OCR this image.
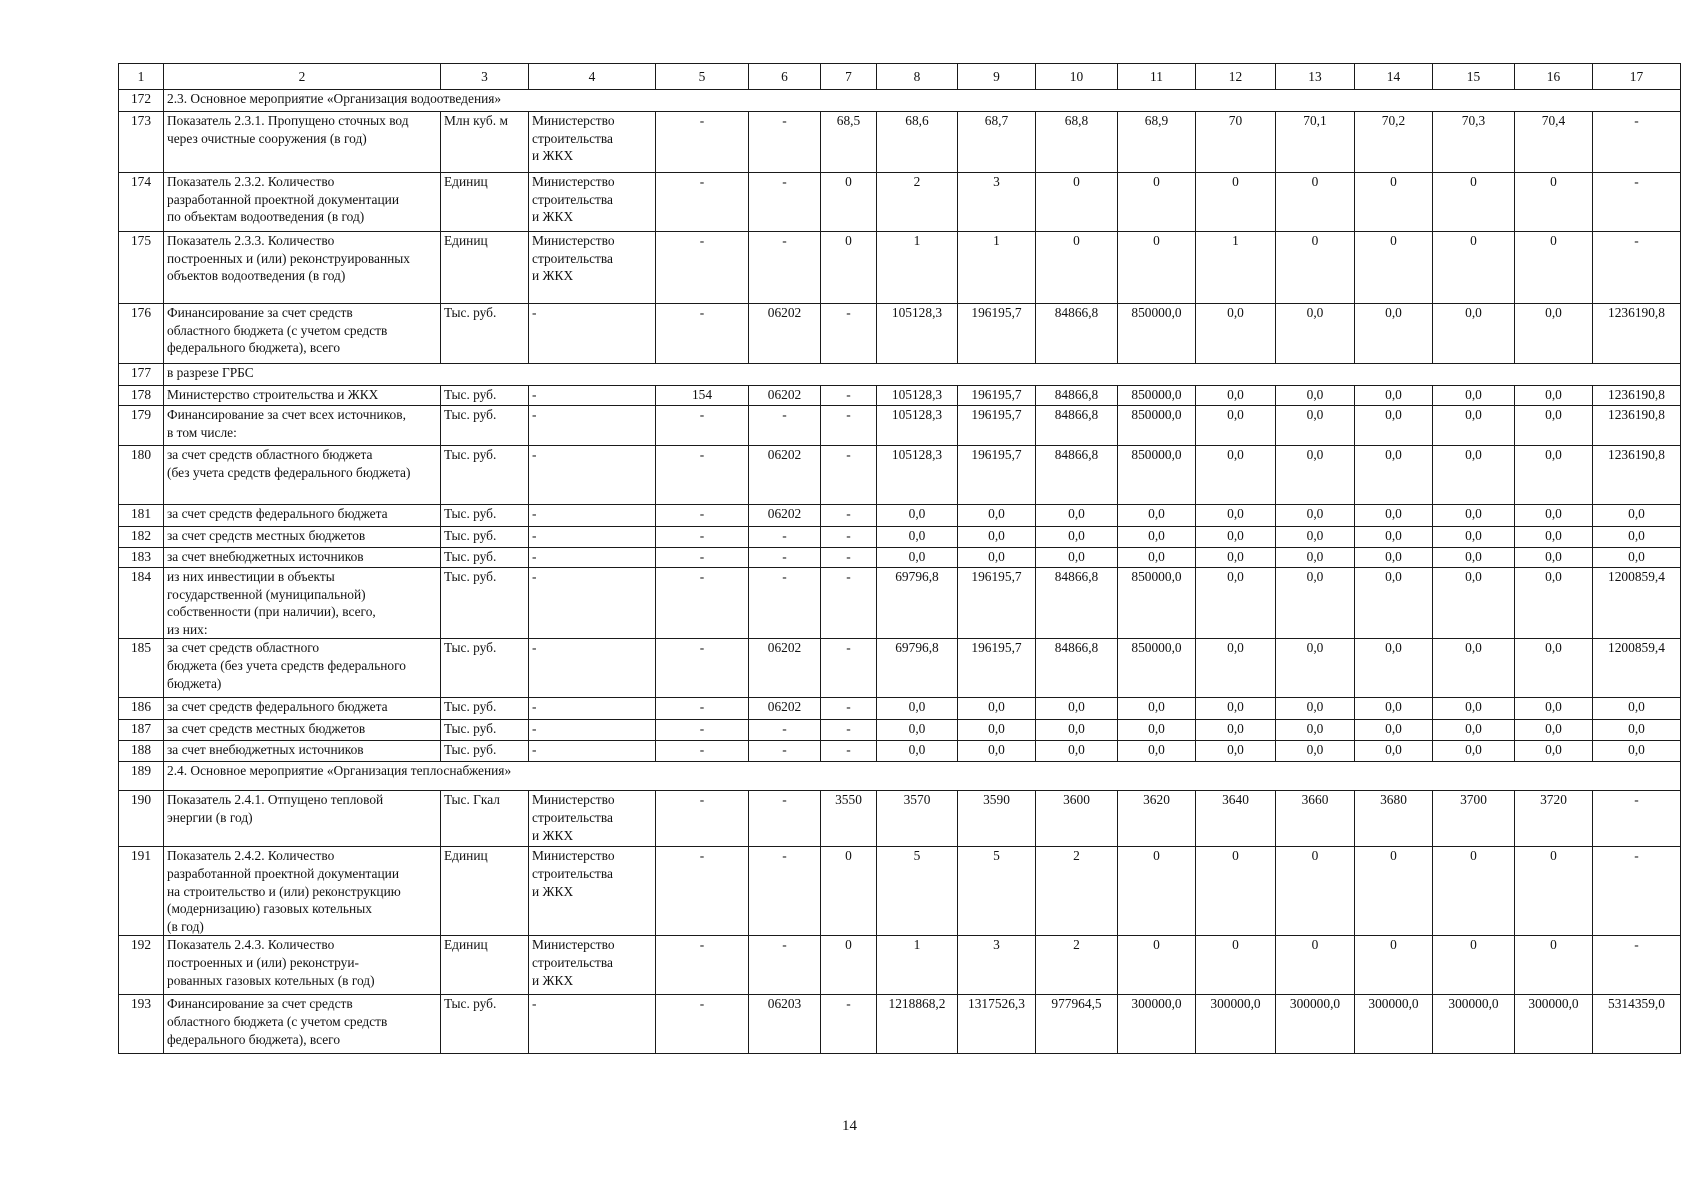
1	2	3	4	5	6	7	8	9	10	11	12	13	14	15	16	17
172	2.3. Основное мероприятие «Организация водоотведения»															
173	Показатель 2.3.1. Пропущено сточных вод
через очистные сооружения (в год)	Млн куб. м	Министерство
строительства
и ЖКХ	-	-	68,5	68,6	68,7	68,8	68,9	70	70,1	70,2	70,3	70,4	-
174	Показатель 2.3.2. Количество
разработанной проектной документации
по объектам водоотведения (в год)	Единиц	Министерство
строительства
и ЖКХ	-	-	0	2	3	0	0	0	0	0	0	0	-
175	Показатель 2.3.3. Количество
построенных и (или) реконструированных
объектов водоотведения (в год)	Единиц	Министерство
строительства
и ЖКХ	-	-	0	1	1	0	0	1	0	0	0	0	-
176	Финансирование за счет средств
областного бюджета (с учетом средств
федерального бюджета), всего	Тыс. руб.	-	-	06202	-	105128,3	196195,7	84866,8	850000,0	0,0	0,0	0,0	0,0	0,0	1236190,8
177	в разрезе ГРБС															
178	Министерство строительства и ЖКХ	Тыс. руб.	-	154	06202	-	105128,3	196195,7	84866,8	850000,0	0,0	0,0	0,0	0,0	0,0	1236190,8
179	Финансирование за счет всех источников,
в том числе:	Тыс. руб.	-	-	-	-	105128,3	196195,7	84866,8	850000,0	0,0	0,0	0,0	0,0	0,0	1236190,8
180	за счет средств областного бюджета
(без учета средств федерального бюджета)	Тыс. руб.	-	-	06202	-	105128,3	196195,7	84866,8	850000,0	0,0	0,0	0,0	0,0	0,0	1236190,8
181	за счет средств федерального бюджета	Тыс. руб.	-	-	06202	-	0,0	0,0	0,0	0,0	0,0	0,0	0,0	0,0	0,0	0,0
182	за счет средств местных бюджетов	Тыс. руб.	-	-	-	-	0,0	0,0	0,0	0,0	0,0	0,0	0,0	0,0	0,0	0,0
183	за счет внебюджетных источников	Тыс. руб.	-	-	-	-	0,0	0,0	0,0	0,0	0,0	0,0	0,0	0,0	0,0	0,0
184	из них инвестиции в объекты
государственной (муниципальной)
собственности (при наличии), всего,
из них:	Тыс. руб.	-	-	-	-	69796,8	196195,7	84866,8	850000,0	0,0	0,0	0,0	0,0	0,0	1200859,4
185	за счет средств областного
бюджета (без учета средств федерального
бюджета)	Тыс. руб.	-	-	06202	-	69796,8	196195,7	84866,8	850000,0	0,0	0,0	0,0	0,0	0,0	1200859,4
186	за счет средств федерального бюджета	Тыс. руб.	-	-	06202	-	0,0	0,0	0,0	0,0	0,0	0,0	0,0	0,0	0,0	0,0
187	за счет средств местных бюджетов	Тыс. руб.	-	-	-	-	0,0	0,0	0,0	0,0	0,0	0,0	0,0	0,0	0,0	0,0
188	за счет внебюджетных источников	Тыс. руб.	-	-	-	-	0,0	0,0	0,0	0,0	0,0	0,0	0,0	0,0	0,0	0,0
189	2.4. Основное мероприятие «Организация теплоснабжения»															
190	Показатель 2.4.1. Отпущено тепловой
энергии (в год)	Тыс. Гкал	Министерство
строительства
и ЖКХ	-	-	3550	3570	3590	3600	3620	3640	3660	3680	3700	3720	-
191	Показатель 2.4.2. Количество
разработанной проектной документации
на строительство и (или) реконструкцию
(модернизацию) газовых котельных
(в год)	Единиц	Министерство
строительства
и ЖКХ	-	-	0	5	5	2	0	0	0	0	0	0	-
192	Показатель 2.4.3. Количество
построенных и (или) реконструи-
рованных газовых котельных (в год)	Единиц	Министерство
строительства
и ЖКХ	-	-	0	1	3	2	0	0	0	0	0	0	-
193	Финансирование за счет средств
областного бюджета (с учетом средств
федерального бюджета), всего	Тыс. руб.	-	-	06203	-	1218868,2	1317526,3	977964,5	300000,0	300000,0	300000,0	300000,0	300000,0	300000,0	5314359,0
14
